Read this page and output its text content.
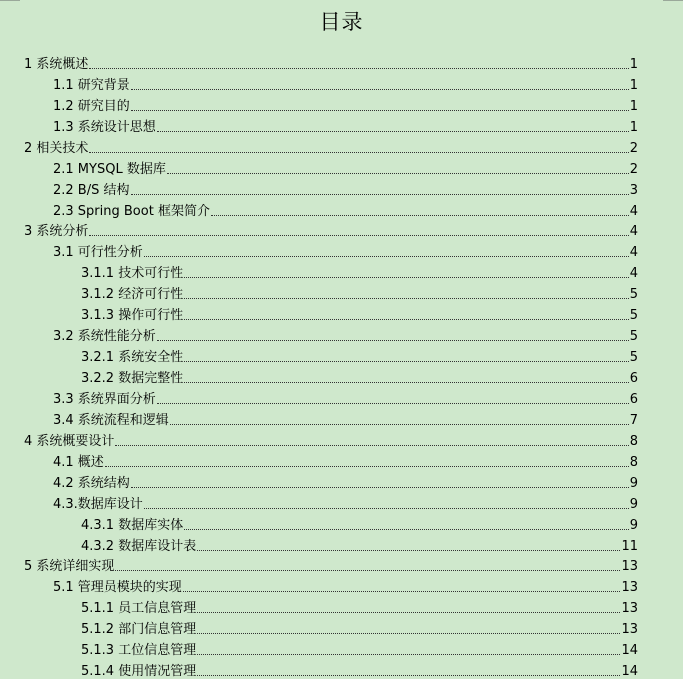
目录
1 系统概述	1
1.1 研究背景	1
1.2 研究目的	1
1.3 系统设计思想	1
2 相关技术	2
2.1 MYSQL 数据库	2
2.2 B/S 结构	3
2.3 Spring Boot 框架简介	4
3 系统分析	4
3.1 可行性分析	4
3.1.1 技术可行性	4
3.1.2 经济可行性	5
3.1.3 操作可行性	5
3.2 系统性能分析	5
3.2.1 系统安全性	5
3.2.2 数据完整性	6
3.3 系统界面分析	6
3.4 系统流程和逻辑	7
4 系统概要设计	8
4.1 概述	8
4.2 系统结构	9
4.3.数据库设计	9
4.3.1 数据库实体	9
4.3.2 数据库设计表	11
5 系统详细实现	13
5.1 管理员模块的实现	13
5.1.1 员工信息管理	13
5.1.2 部门信息管理	13
5.1.3 工位信息管理	14
5.1.4 使用情况管理	14
